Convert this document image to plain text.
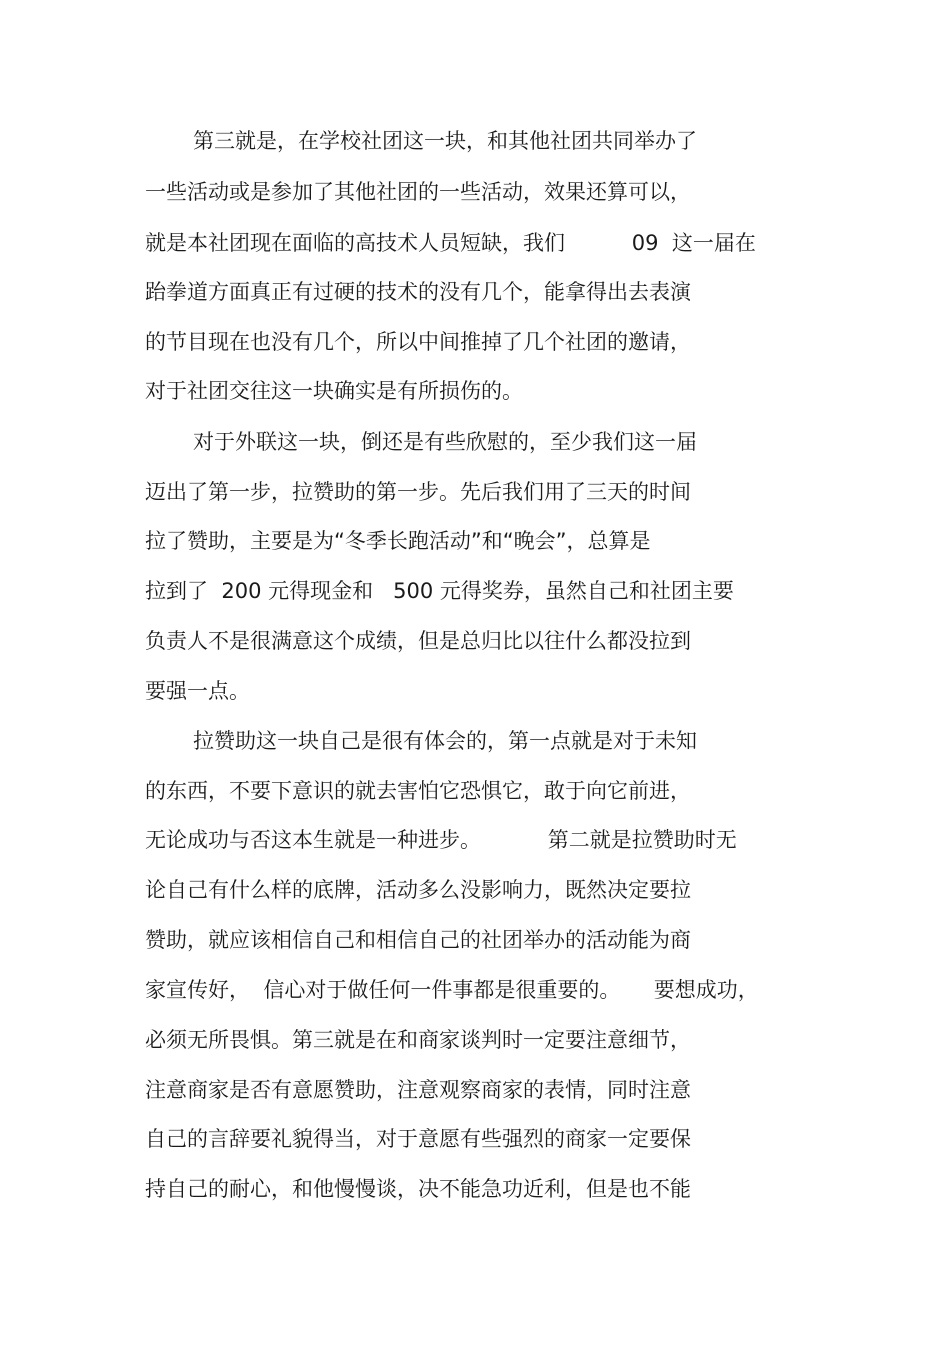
第三就是，在学校社团这一块，和其他社团共同举办了
一些活动或是参加了其他社团的一些活动，效果还算可以，
就是本社团现在面临的高技术人员短缺，我们          09  这一届在
跆拳道方面真正有过硬的技术的没有几个，能拿得出去表演
的节目现在也没有几个，所以中间推掉了几个社团的邀请，
对于社团交往这一块确实是有所损伤的。
对于外联这一块，倒还是有些欣慰的，至少我们这一届
迈出了第一步，拉赞助的第一步。先后我们用了三天的时间
拉了赞助，主要是为“冬季长跑活动”和“晚会”，总算是
拉到了  200 元得现金和   500 元得奖券，虽然自己和社团主要
负责人不是很满意这个成绩，但是总归比以往什么都没拉到
要强一点。
拉赞助这一块自己是很有体会的，第一点就是对于未知
的东西，不要下意识的就去害怕它恐惧它，敢于向它前进，
无论成功与否这本生就是一种进步。          第二就是拉赞助时无
论自己有什么样的底牌，活动多么没影响力，既然决定要拉
赞助，就应该相信自己和相信自己的社团举办的活动能为商
家宣传好，  信心对于做任何一件事都是很重要的。     要想成功，
必须无所畏惧。第三就是在和商家谈判时一定要注意细节，
注意商家是否有意愿赞助，注意观察商家的表情，同时注意
自己的言辞要礼貌得当，对于意愿有些强烈的商家一定要保
持自己的耐心，和他慢慢谈，决不能急功近利，但是也不能
